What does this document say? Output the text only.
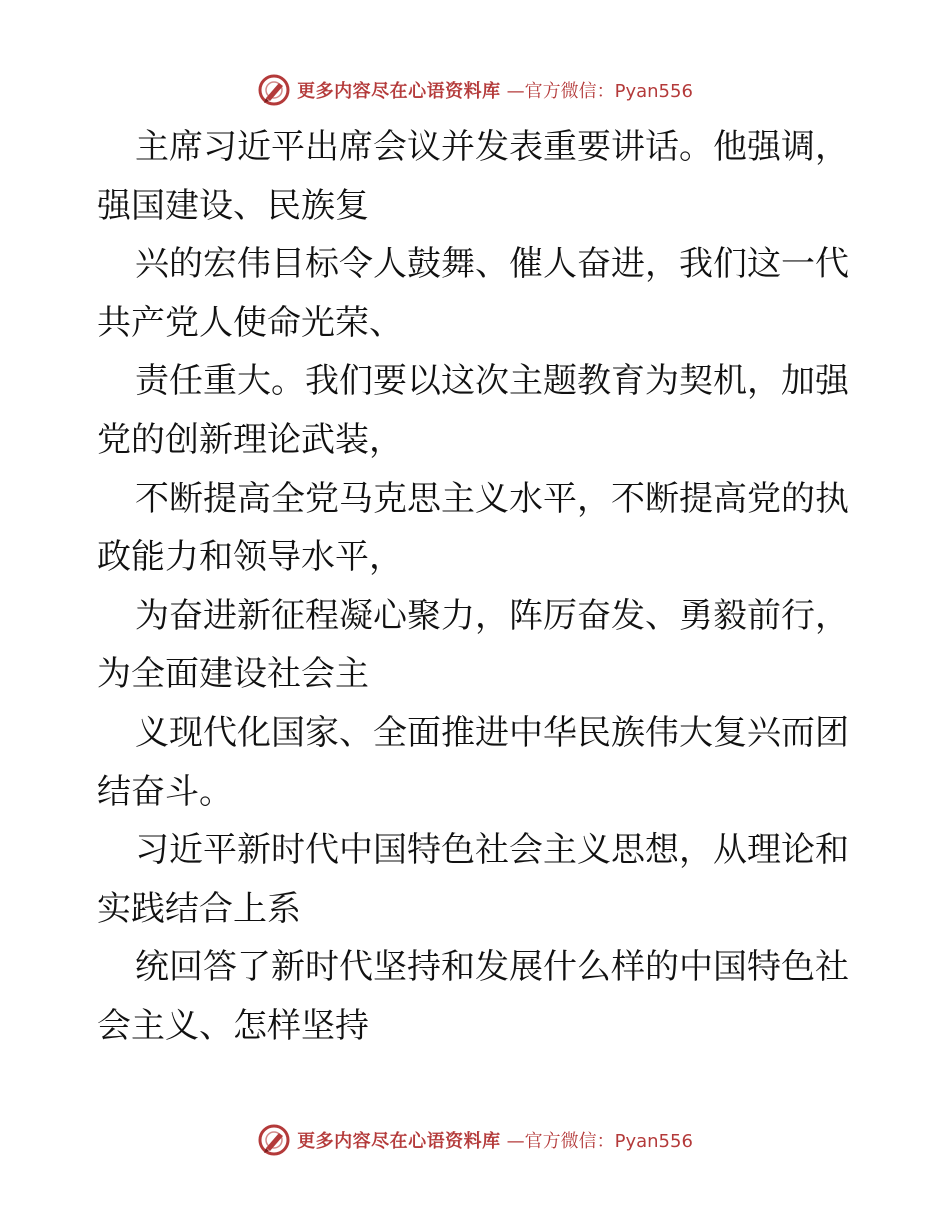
更多内容尽在心语资料库 —官方微信：Pyan556

主席习近平出席会议并发表重要讲话。他强调，
强国建设、民族复

兴的宏伟目标令人鼓舞、催人奋进，我们这一代
共产党人使命光荣、

责任重大。我们要以这次主题教育为契机，加强
党的创新理论武装，

不断提高全党马克思主义水平，不断提高党的执
政能力和领导水平，

为奋进新征程凝心聚力，阵厉奋发、勇毅前行，
为全面建设社会主

义现代化国家、全面推进中华民族伟大复兴而团
结奋斗。

习近平新时代中国特色社会主义思想，从理论和
实践结合上系

统回答了新时代坚持和发展什么样的中国特色社
会主义、怎样坚持

更多内容尽在心语资料库 —官方微信：Pyan556
